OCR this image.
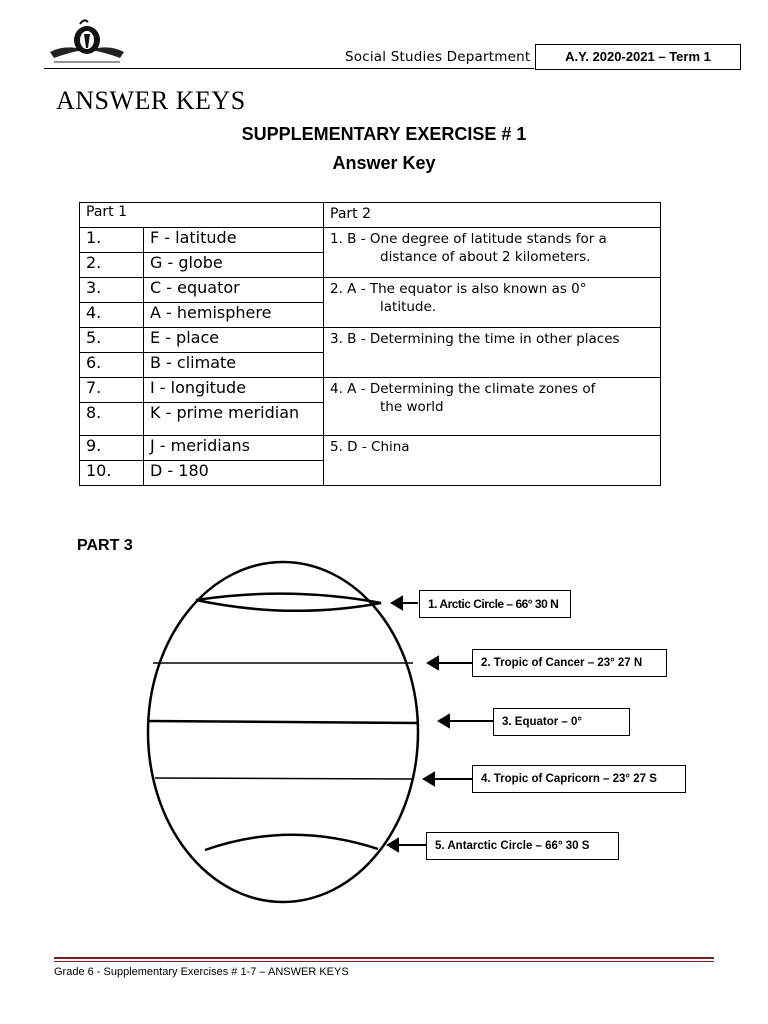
Social Studies Department	A.Y. 2020-2021 – Term 1
ANSWER KEYS
SUPPLEMENTARY EXERCISE # 1
Answer Key
Part 1		Part 2
1.	F - latitude	1. B - One degree of latitude stands for a
distance of about 2 kilometers.

2.	G - globe	
3.	C - equator	2. A - The equator is also known as 0°
latitude.

4.	A - hemisphere	
5.	E - place	3. B - Determining the time in other places

6.	B - climate	
7.	I - longitude	4. A - Determining the climate zones of
the world

8.	K - prime meridian	
9.	J - meridians	5. D - China

10.	D - 180	
PART 3
1. Arctic Circle – 66° 30 N
2. Tropic of Cancer – 23° 27 N
3. Equator – 0°
4. Tropic of Capricorn – 23° 27 S
5. Antarctic Circle – 66° 30 S
Grade 6 - Supplementary Exercises # 1-7 – ANSWER KEYS
